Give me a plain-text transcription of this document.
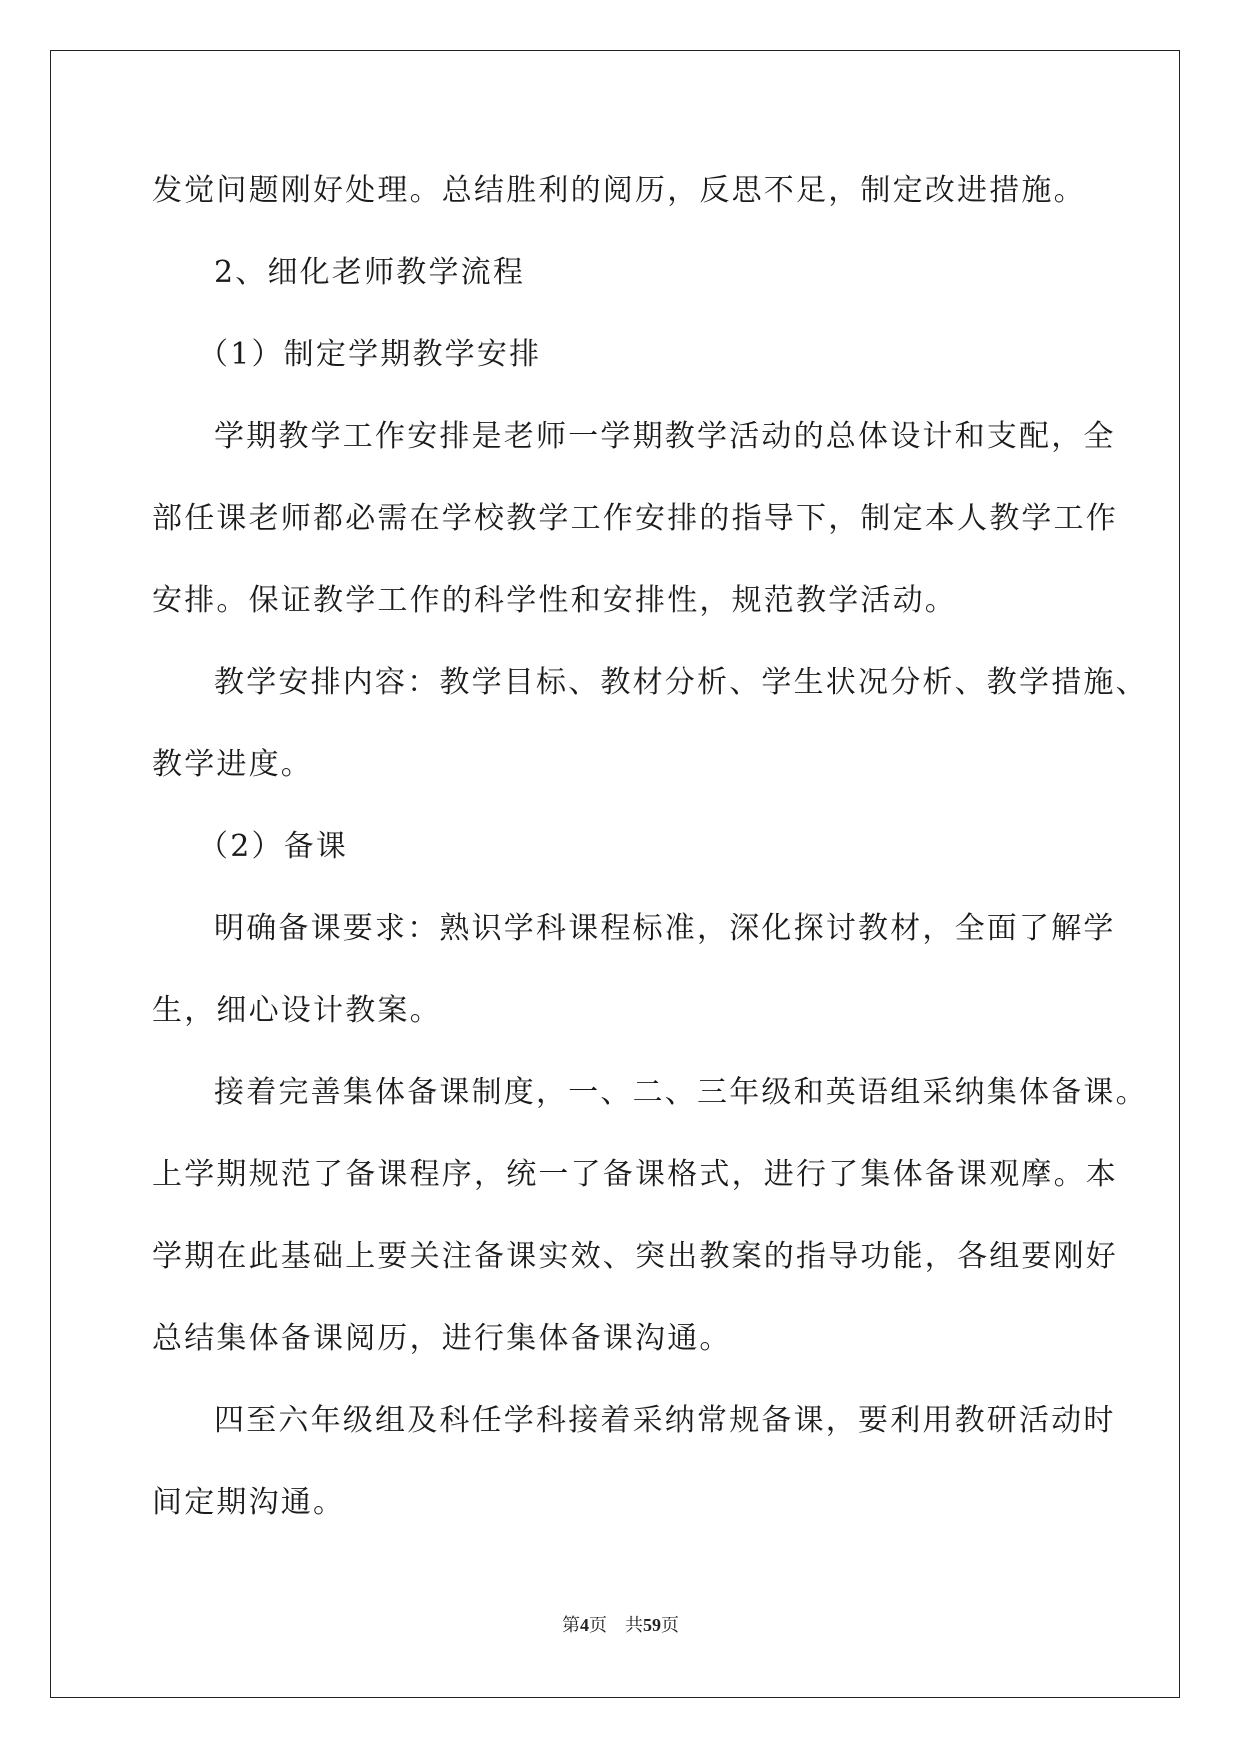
发觉问题刚好处理。总结胜利的阅历，反思不足，制定改进措施。
2、细化老师教学流程
（1）制定学期教学安排
学期教学工作安排是老师一学期教学活动的总体设计和支配，全
部任课老师都必需在学校教学工作安排的指导下，制定本人教学工作
安排。保证教学工作的科学性和安排性，规范教学活动。
教学安排内容：教学目标、教材分析、学生状况分析、教学措施、
教学进度。
（2）备课
明确备课要求：熟识学科课程标准，深化探讨教材，全面了解学
生，细心设计教案。
接着完善集体备课制度，一、二、三年级和英语组采纳集体备课。
上学期规范了备课程序，统一了备课格式，进行了集体备课观摩。本
学期在此基础上要关注备课实效、突出教案的指导功能，各组要刚好
总结集体备课阅历，进行集体备课沟通。
四至六年级组及科任学科接着采纳常规备课，要利用教研活动时
间定期沟通。
第4页 共59页
